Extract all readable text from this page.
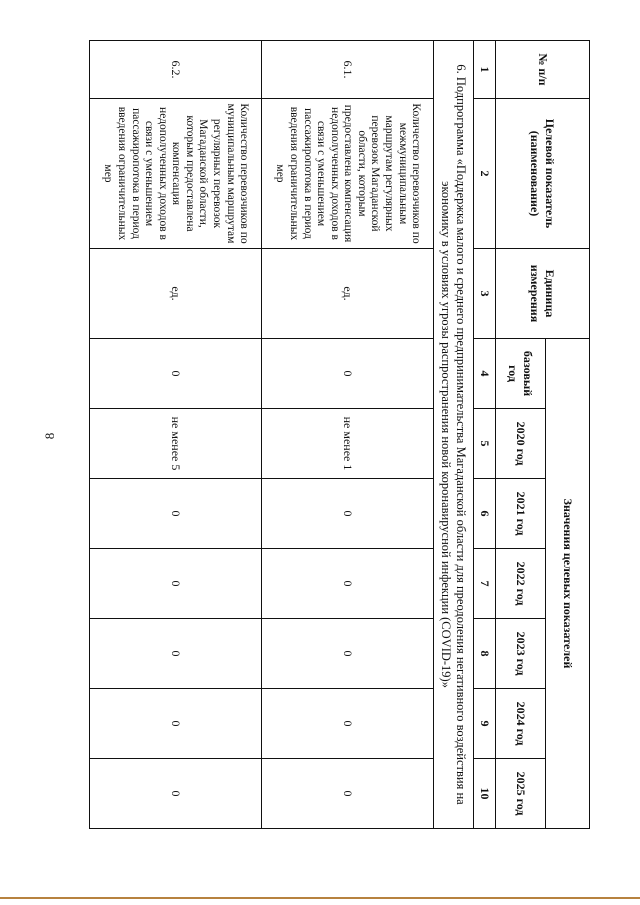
8
№ п/п	Целевой показатель (наименование)	Единица измерения	Значения целевых показателей						
			базовый год	2020 год	2021 год	2022 год	2023 год	2024 год	2025 год
1	2	3	4	5	6	7	8	9	10
6. Подпрограмма «Поддержка малого и среднего предпринимательства Магаданской области для преодоления негативного воздействия на экономику в условиях угрозы распространения новой коронавирусной инфекции (COVID-19)»									
6.1.	Количество перевозчиков по межмуниципальным маршрутам регулярных перевозок Магаданской области, которым предоставлена компенсация недополученных доходов в связи с уменьшением пассажиропотока в период введения ограничительных мер	ед.	0	не менее 1	0	0	0	0	0
6.2.	Количество перевозчиков по муниципальным маршрутам регулярных перевозок Магаданской области, которым предоставлена компенсация недополученных доходов в связи с уменьшением пассажиропотока в период введения ограничительных мер	ед.	0	не менее 5	0	0	0	0	0
